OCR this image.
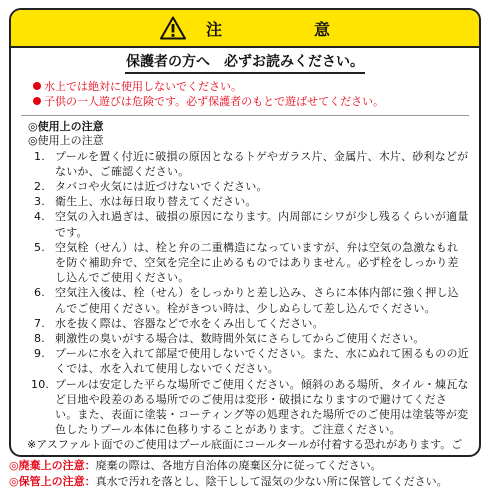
注　意
保護者の方へ　必ずお読みください。
水上では絶対に使用しないでください。
子供の一人遊びは危険です。必ず保護者のもとで遊ばせてください。
◎使用上の注意
◎使用上の注意
1. プールを置く付近に破損の原因となるトゲやガラス片、金属片、木片、砂利などがないか、ご確認ください。
2. タバコや火気には近づけないでください。
3. 衛生上、水は毎日取り替えてください。
4. 空気の入れ過ぎは、破損の原因になります。内周部にシワが少し残るくらいが適量です。
5. 空気栓（せん）は、栓と弁の二重構造になっていますが、弁は空気の急激なもれを防ぐ補助弁で、空気を完全に止めるものではありません。必ず栓をしっかり差し込んでご使用ください。
6. 空気注入後は、栓（せん）をしっかりと差し込み、さらに本体内部に強く押し込んでご使用ください。栓がきつい時は、少しぬらして差し込んでください。
7. 水を抜く際は、容器などで水をくみ出してください。
8. 刺激性の臭いがする場合は、数時間外気にさらしてからご使用ください。
9. プールに水を入れて部屋で使用しないでください。また、水にぬれて困るものの近くでは、水を入れて使用しないでください。
10. プールは安定した平らな場所でご使用ください。傾斜のある場所、タイル・煉瓦など目地や段差のある場所でのご使用は変形・破損になりますので避けてください。また、表面に塗装・コーティング等の処理された場所でのご使用は塗装等が変色したりプール本体に色移りすることがあります。ご注意ください。
※アスファルト面でのご使用はプール底面にコールタールが付着する恐れがあります。ご
◎廃棄上の注意：廃棄の際は、各地方自治体の廃棄区分に従ってください。
◎保管上の注意：真水で汚れを落とし、陰干しして湿気の少ない所に保管してください。
